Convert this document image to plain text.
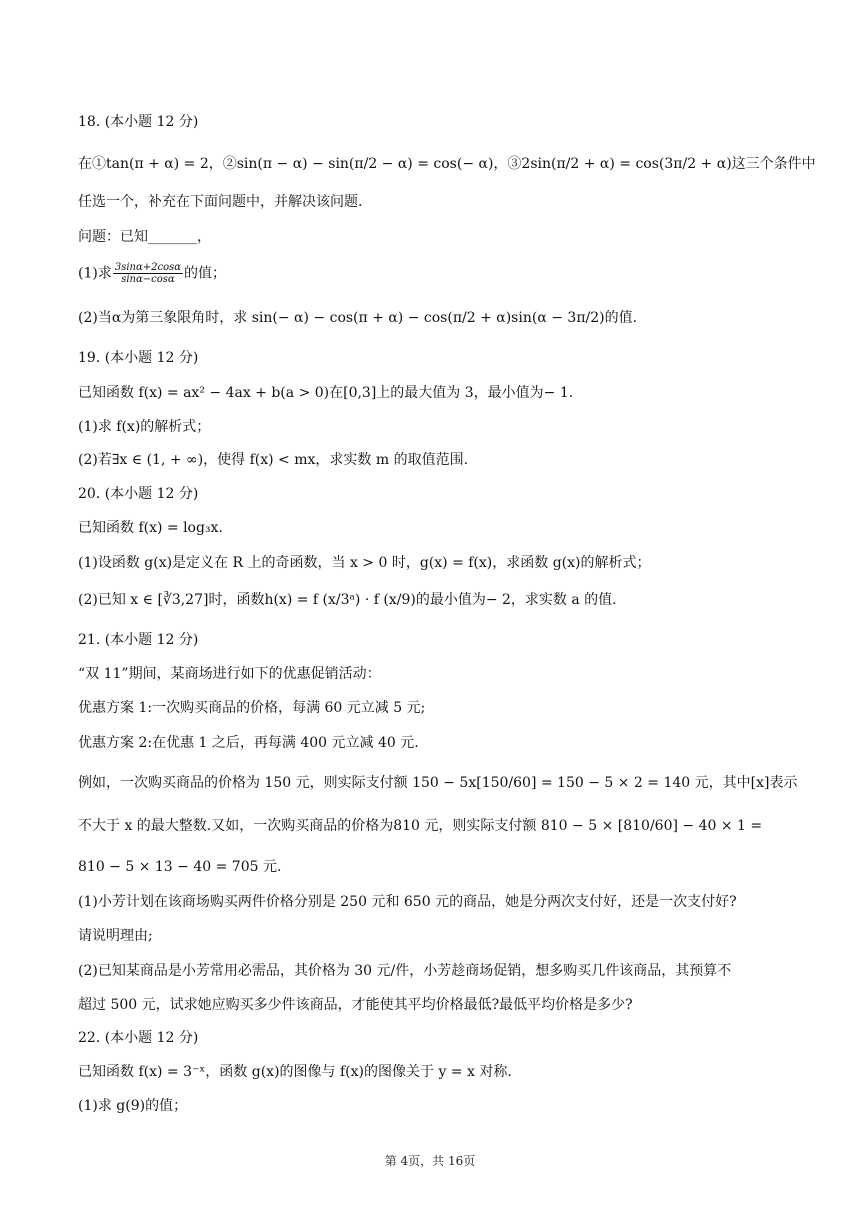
18. (本小题 12 分)
在①tan(π + α) = 2，②sin(π − α) − sin(π/2 − α) = cos(− α)，③2sin(π/2 + α) = cos(3π/2 + α)这三个条件中
任选一个，补充在下面问题中，并解决该问题.
问题：已知_______，
(1)求 $\frac{3\sin\alpha+2\cos\alpha}{\sin\alpha-\cos\alpha}$ 的值；
(2)当α为第三象限角时，求 sin(− α) − cos(π + α) − cos(π/2 + α)sin(α − 3π/2)的值.
19. (本小题 12 分)
已知函数 f(x) = ax² − 4ax + b(a > 0)在[0,3]上的最大值为 3，最小值为− 1.
(1)求 f(x)的解析式；
(2)若∃x ∈ (1, + ∞)，使得 f(x) < mx，求实数 m 的取值范围.
20. (本小题 12 分)
已知函数 f(x) = log₃x.
(1)设函数 g(x)是定义在 R 上的奇函数，当 x > 0 时，g(x) = f(x)，求函数 g(x)的解析式；
(2)已知 x ∈ [∛3,27]时，函数h(x) = f (x/3ᵃ) · f (x/9)的最小值为− 2，求实数 a 的值.
21. (本小题 12 分)
“双 11”期间，某商场进行如下的优惠促销活动：
优惠方案 1:一次购买商品的价格，每满 60 元立减 5 元;
优惠方案 2:在优惠 1 之后，再每满 400 元立减 40 元.
例如，一次购买商品的价格为 150 元，则实际支付额 150 − 5x[150/60] = 150 − 5 × 2 = 140 元，其中[x]表示
不大于 x 的最大整数.又如，一次购买商品的价格为810 元，则实际支付额 810 − 5 × [810/60] − 40 × 1 =
810 − 5 × 13 − 40 = 705 元.
(1)小芳计划在该商场购买两件价格分别是 250 元和 650 元的商品，她是分两次支付好，还是一次支付好?
请说明理由;
(2)已知某商品是小芳常用必需品，其价格为 30 元/件，小芳趁商场促销，想多购买几件该商品，其预算不
超过 500 元，试求她应购买多少件该商品，才能使其平均价格最低?最低平均价格是多少?
22. (本小题 12 分)
已知函数 f(x) = 3⁻ˣ，函数 g(x)的图像与 f(x)的图像关于 y = x 对称.
(1)求 g(9)的值；
第 4页，共 16页
